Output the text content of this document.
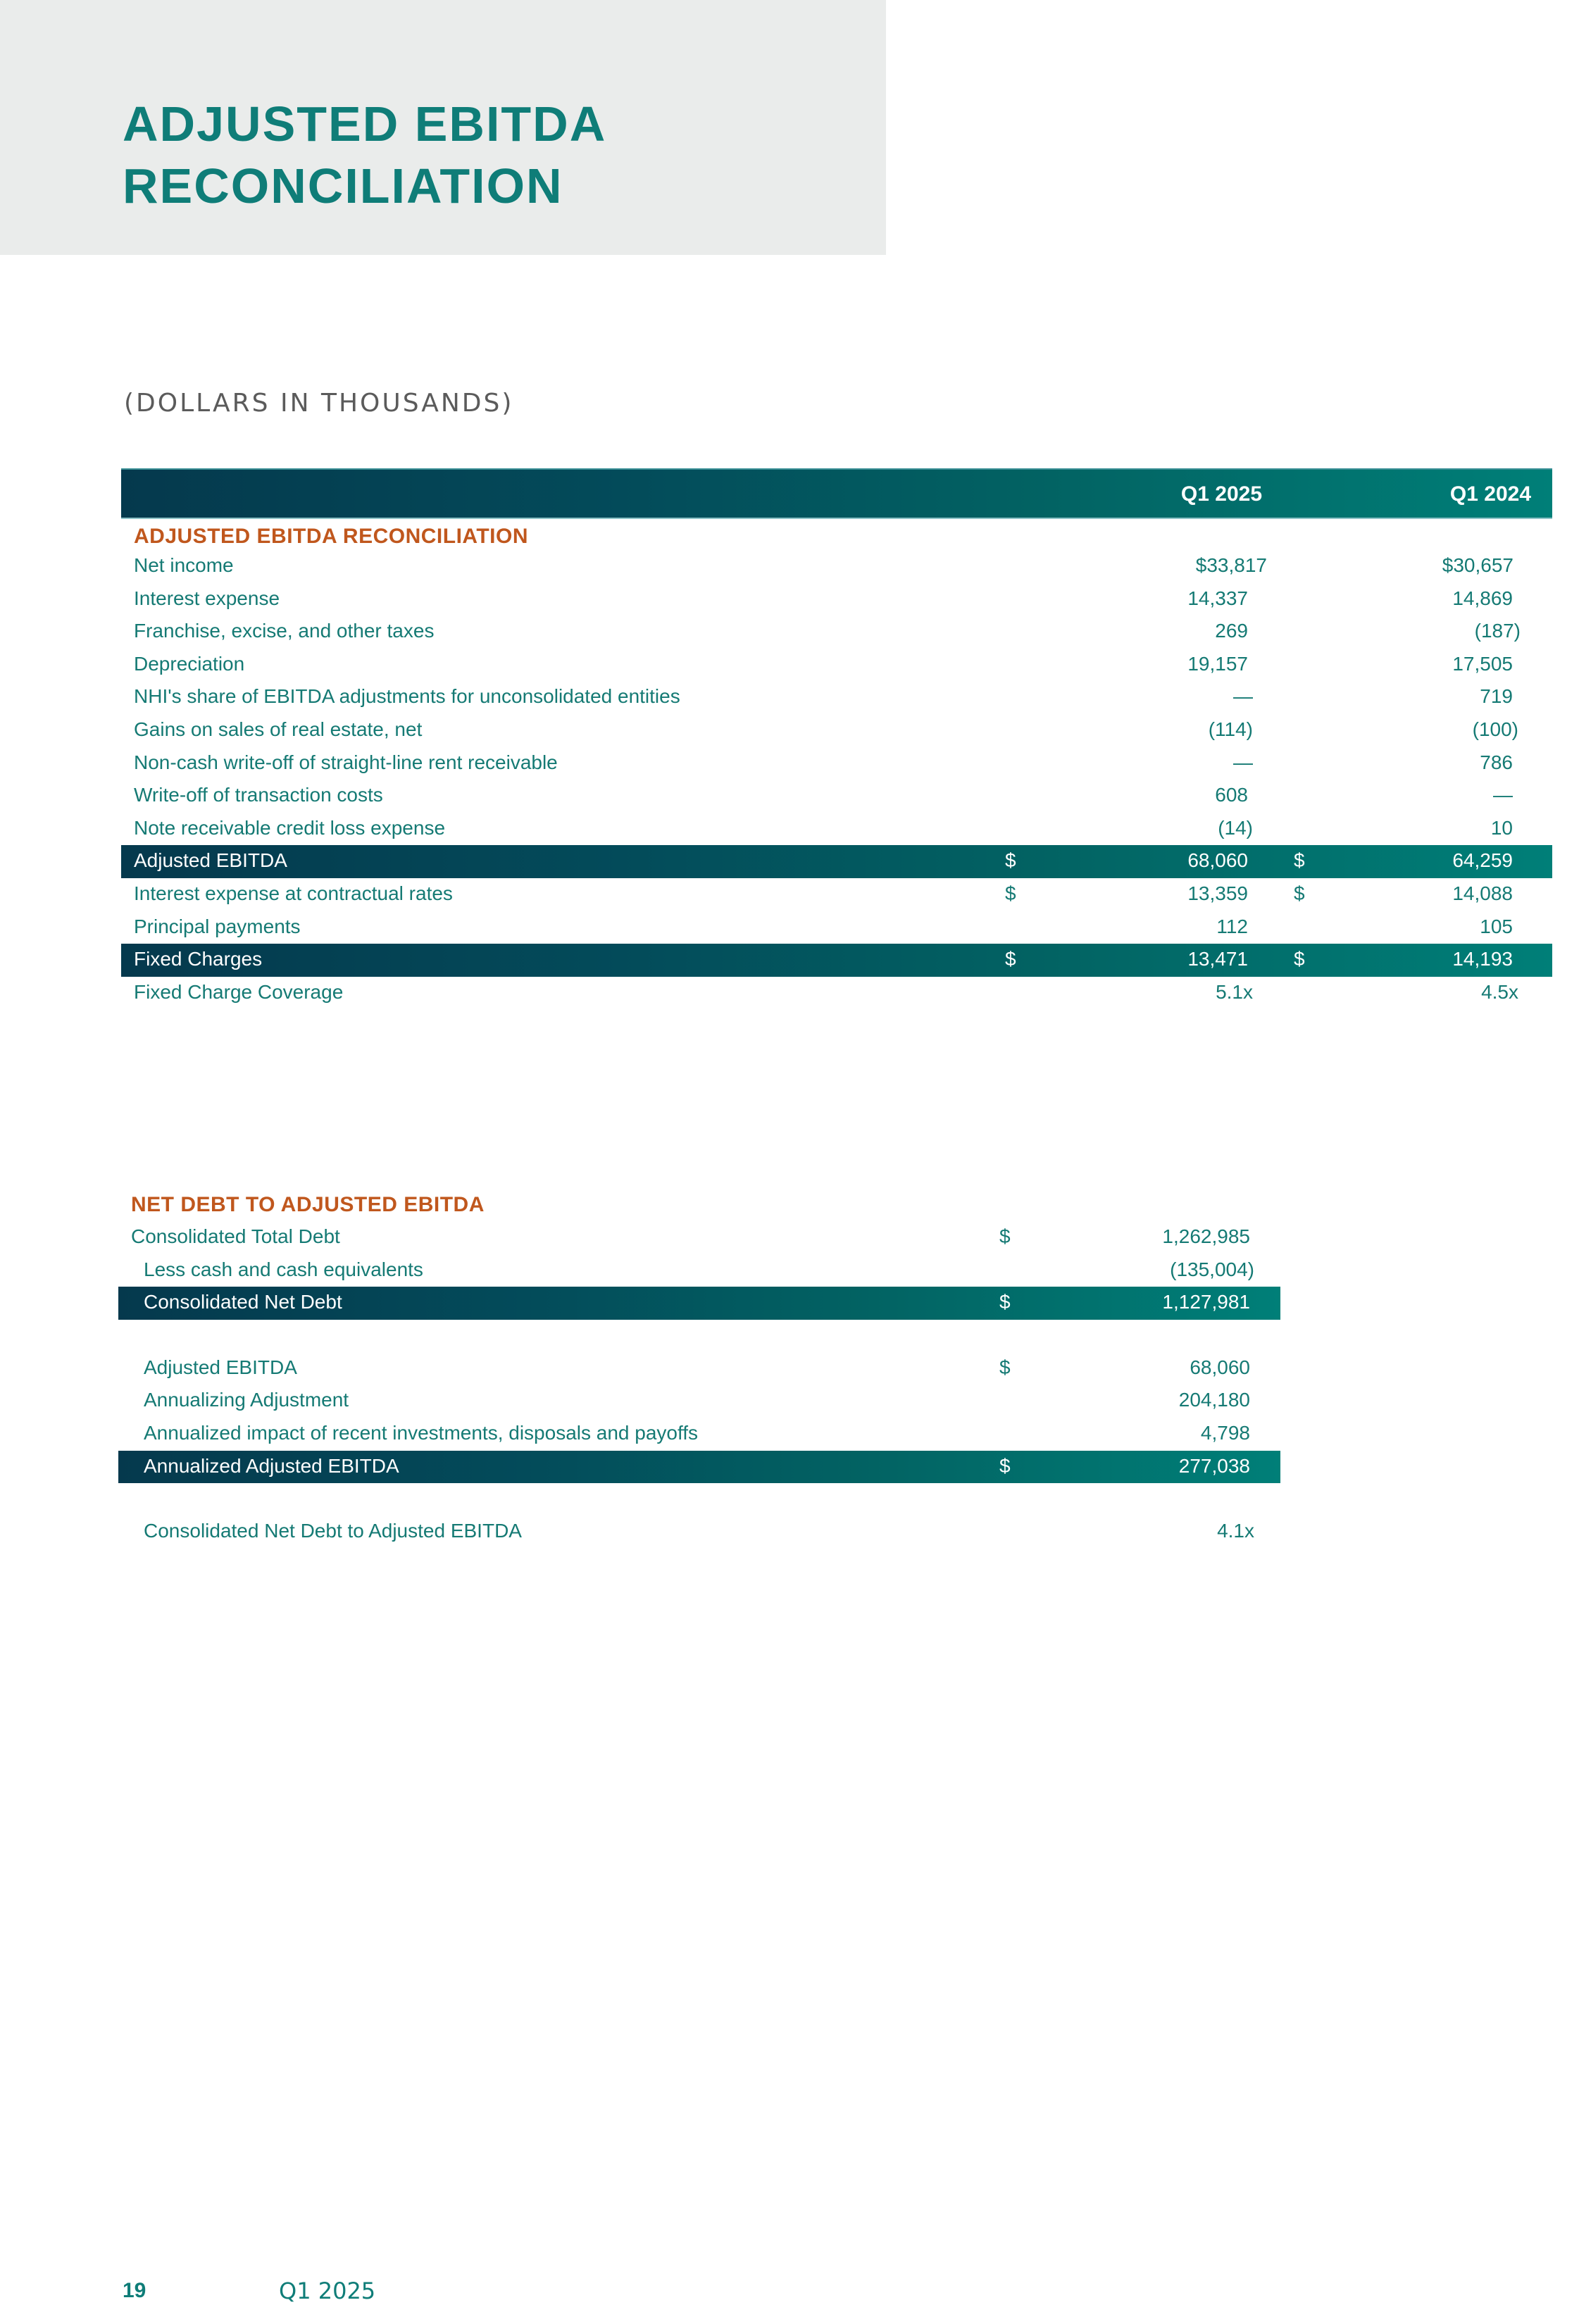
ADJUSTED EBITDA
RECONCILIATION
(DOLLARS IN THOUSANDS)
Q1 2025	Q1 2024
ADJUSTED EBITDA RECONCILIATION
Net income	$33,817	$30,657
Interest expense	14,337	14,869
Franchise, excise, and other taxes	269	(187)
Depreciation	19,157	17,505
NHI's share of EBITDA adjustments for unconsolidated entities	—	719
Gains on sales of real estate, net	(114)	(100)
Non-cash write-off of straight-line rent receivable	—	786
Write-off of transaction costs	608	—
Note receivable credit loss expense	(14)	10
Adjusted EBITDA	$	68,060 $	64,259
Interest expense at contractual rates	$	13,359 $	14,088
Principal payments	112	105
Fixed Charges	$	13,471 $	14,193
Fixed Charge Coverage	5.1x	4.5x
NET DEBT TO ADJUSTED EBITDA
Consolidated Total Debt	$	1,262,985
Less cash and cash equivalents	(135,004)
Consolidated Net Debt	$	1,127,981
Adjusted EBITDA	$	68,060
Annualizing Adjustment	204,180
Annualized impact of recent investments, disposals and payoffs	4,798
Annualized Adjusted EBITDA	$	277,038
Consolidated Net Debt to Adjusted EBITDA	4.1x
19	Q1 2025
